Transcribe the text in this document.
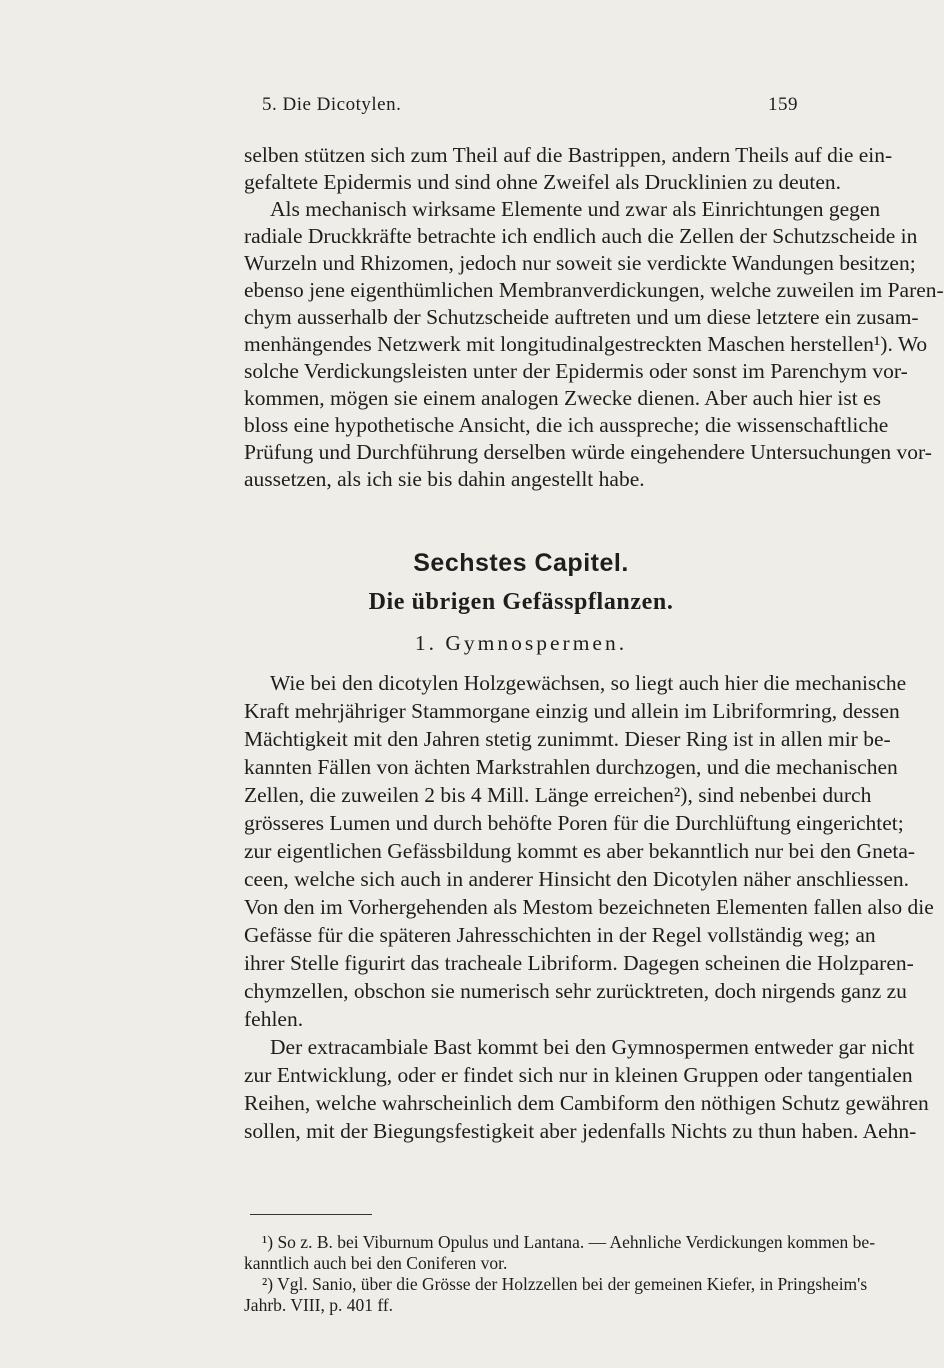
5. Die Dicotylen.	159
selben stützen sich zum Theil auf die Bastrippen, andern Theils auf die ein-
gefaltete Epidermis und sind ohne Zweifel als Drucklinien zu deuten.
Als mechanisch wirksame Elemente und zwar als Einrichtungen gegen
radiale Druckkräfte betrachte ich endlich auch die Zellen der Schutzscheide in
Wurzeln und Rhizomen, jedoch nur soweit sie verdickte Wandungen besitzen;
ebenso jene eigenthümlichen Membranverdickungen, welche zuweilen im Paren-
chym ausserhalb der Schutzscheide auftreten und um diese letztere ein zusam-
menhängendes Netzwerk mit longitudinalgestreckten Maschen herstellen¹). Wo
solche Verdickungsleisten unter der Epidermis oder sonst im Parenchym vor-
kommen, mögen sie einem analogen Zwecke dienen. Aber auch hier ist es
bloss eine hypothetische Ansicht, die ich ausspreche; die wissenschaftliche
Prüfung und Durchführung derselben würde eingehendere Untersuchungen vor-
aussetzen, als ich sie bis dahin angestellt habe.
Sechstes Capitel.
Die übrigen Gefässpflanzen.
1. Gymnospermen.
Wie bei den dicotylen Holzgewächsen, so liegt auch hier die mechanische
Kraft mehrjähriger Stammorgane einzig und allein im Libriformring, dessen
Mächtigkeit mit den Jahren stetig zunimmt. Dieser Ring ist in allen mir be-
kannten Fällen von ächten Markstrahlen durchzogen, und die mechanischen
Zellen, die zuweilen 2 bis 4 Mill. Länge erreichen²), sind nebenbei durch
grösseres Lumen und durch behöfte Poren für die Durchlüftung eingerichtet;
zur eigentlichen Gefässbildung kommt es aber bekanntlich nur bei den Gneta-
ceen, welche sich auch in anderer Hinsicht den Dicotylen näher anschliessen.
Von den im Vorhergehenden als Mestom bezeichneten Elementen fallen also die
Gefässe für die späteren Jahresschichten in der Regel vollständig weg; an
ihrer Stelle figurirt das tracheale Libriform. Dagegen scheinen die Holzparen-
chymzellen, obschon sie numerisch sehr zurücktreten, doch nirgends ganz zu
fehlen.
Der extracambiale Bast kommt bei den Gymnospermen entweder gar nicht
zur Entwicklung, oder er findet sich nur in kleinen Gruppen oder tangentialen
Reihen, welche wahrscheinlich dem Cambiform den nöthigen Schutz gewähren
sollen, mit der Biegungsfestigkeit aber jedenfalls Nichts zu thun haben. Aehn-
¹) So z. B. bei Viburnum Opulus und Lantana. — Aehnliche Verdickungen kommen be-
kanntlich auch bei den Coniferen vor.
²) Vgl. Sanio, über die Grösse der Holzzellen bei der gemeinen Kiefer, in Pringsheim's
Jahrb. VIII, p. 401 ff.
